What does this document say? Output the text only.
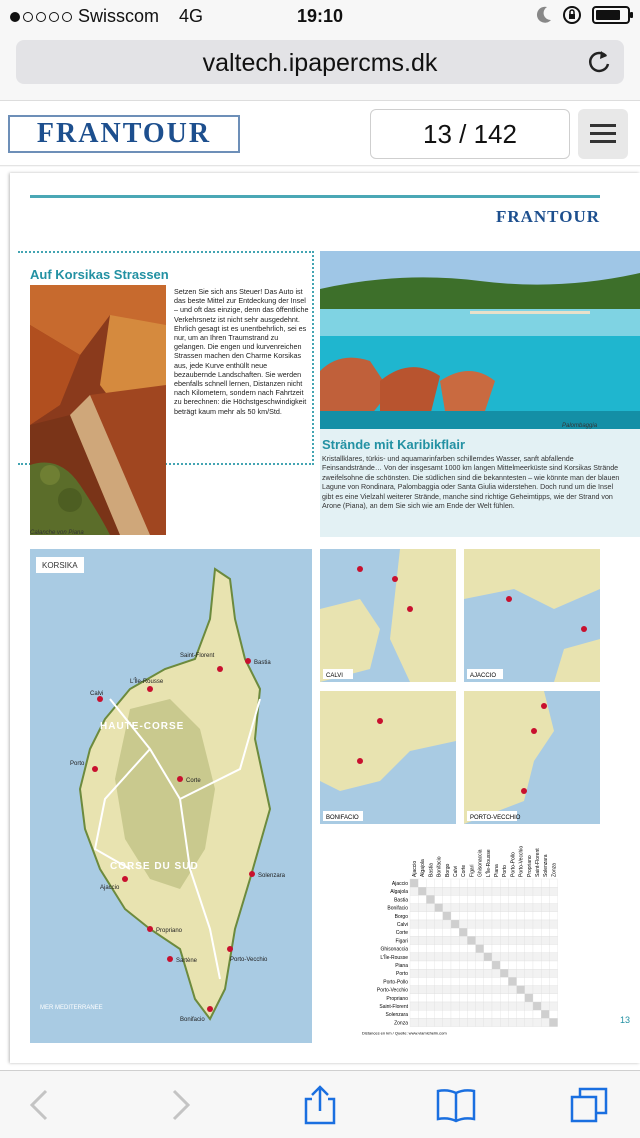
Swisscom 4G	19:10
valtech.ipapercms.dk
FRANTOUR	13 / 142
FRANTOUR
Auf Korsikas Strassen
Setzen Sie sich ans Steuer! Das Auto ist das beste Mittel zur Entdeckung der Insel – und oft das einzige, denn das öffentliche Verkehrsnetz ist nicht sehr ausgedehnt. Ehrlich gesagt ist es unentbehrlich, sei es nur, um an Ihren Traumstrand zu gelangen. Die engen und kurvenreichen Strassen machen den Charme Korsikas aus, jede Kurve enthüllt neue bezaubernde Landschaften. Sie werden ebenfalls schnell lernen, Distanzen nicht nach Kilometern, sondern nach Fahrtzeit zu berechnen: die Höchstgeschwindigkeit beträgt kaum mehr als 50 km/Std.
Calanche von Piana
Palombaggia
Strände mit Karibikflair

Kristallklares, türkis- und aquamarinfarben schillerndes Wasser, sanft abfallende Feinsandstrände… Von der insgesamt 1000 km langen Mittelmeerküste sind Korsikas Strände zweifelsohne die schönsten. Die südlichen sind die bekanntesten – wie könnte man der blauen Lagune von Rondinara, Palombaggia oder Santa Giulia widerstehen. Doch rund um die Insel gibt es eine Vielzahl weiterer Strände, manche sind richtige Geheimtipps, wie der Strand von Arone (Piana), an dem Sie sich wie am Ende der Welt fühlen.

KORSIKA
HAUTE-CORSE
CORSE DU SUD
MER MEDITERRANEE
Bastia
Calvi
Ajaccio
Porto-Vecchio
Bonifacio
Corte
Propriano
Solenzara
L'Île-Rousse
Porto
Sartène
Saint-Florent
CALVI	AJACCIO
BONIFACIO	PORTO-VECCHIO
Ajaccio
Ajaccio
Algajola
Algajola
Bastia
Bastia
Bonifacio
Bonifacio
Borgo
Borgo
Calvi
Calvi
Corte
Corte
Figari
Figari
Ghisonaccia
Ghisonaccia
L'Île-Rousse
L'Île-Rousse
Piana
Piana
Porto
Porto
Porto-Pollo
Porto-Pollo
Porto-Vecchio
Porto-Vecchio
Propriano
Propriano
Saint-Florent
Saint-Florent
Solenzara
Solenzara
Zonza
Zonza
Distances en km / Quelle: www.viamichelin.com
13
